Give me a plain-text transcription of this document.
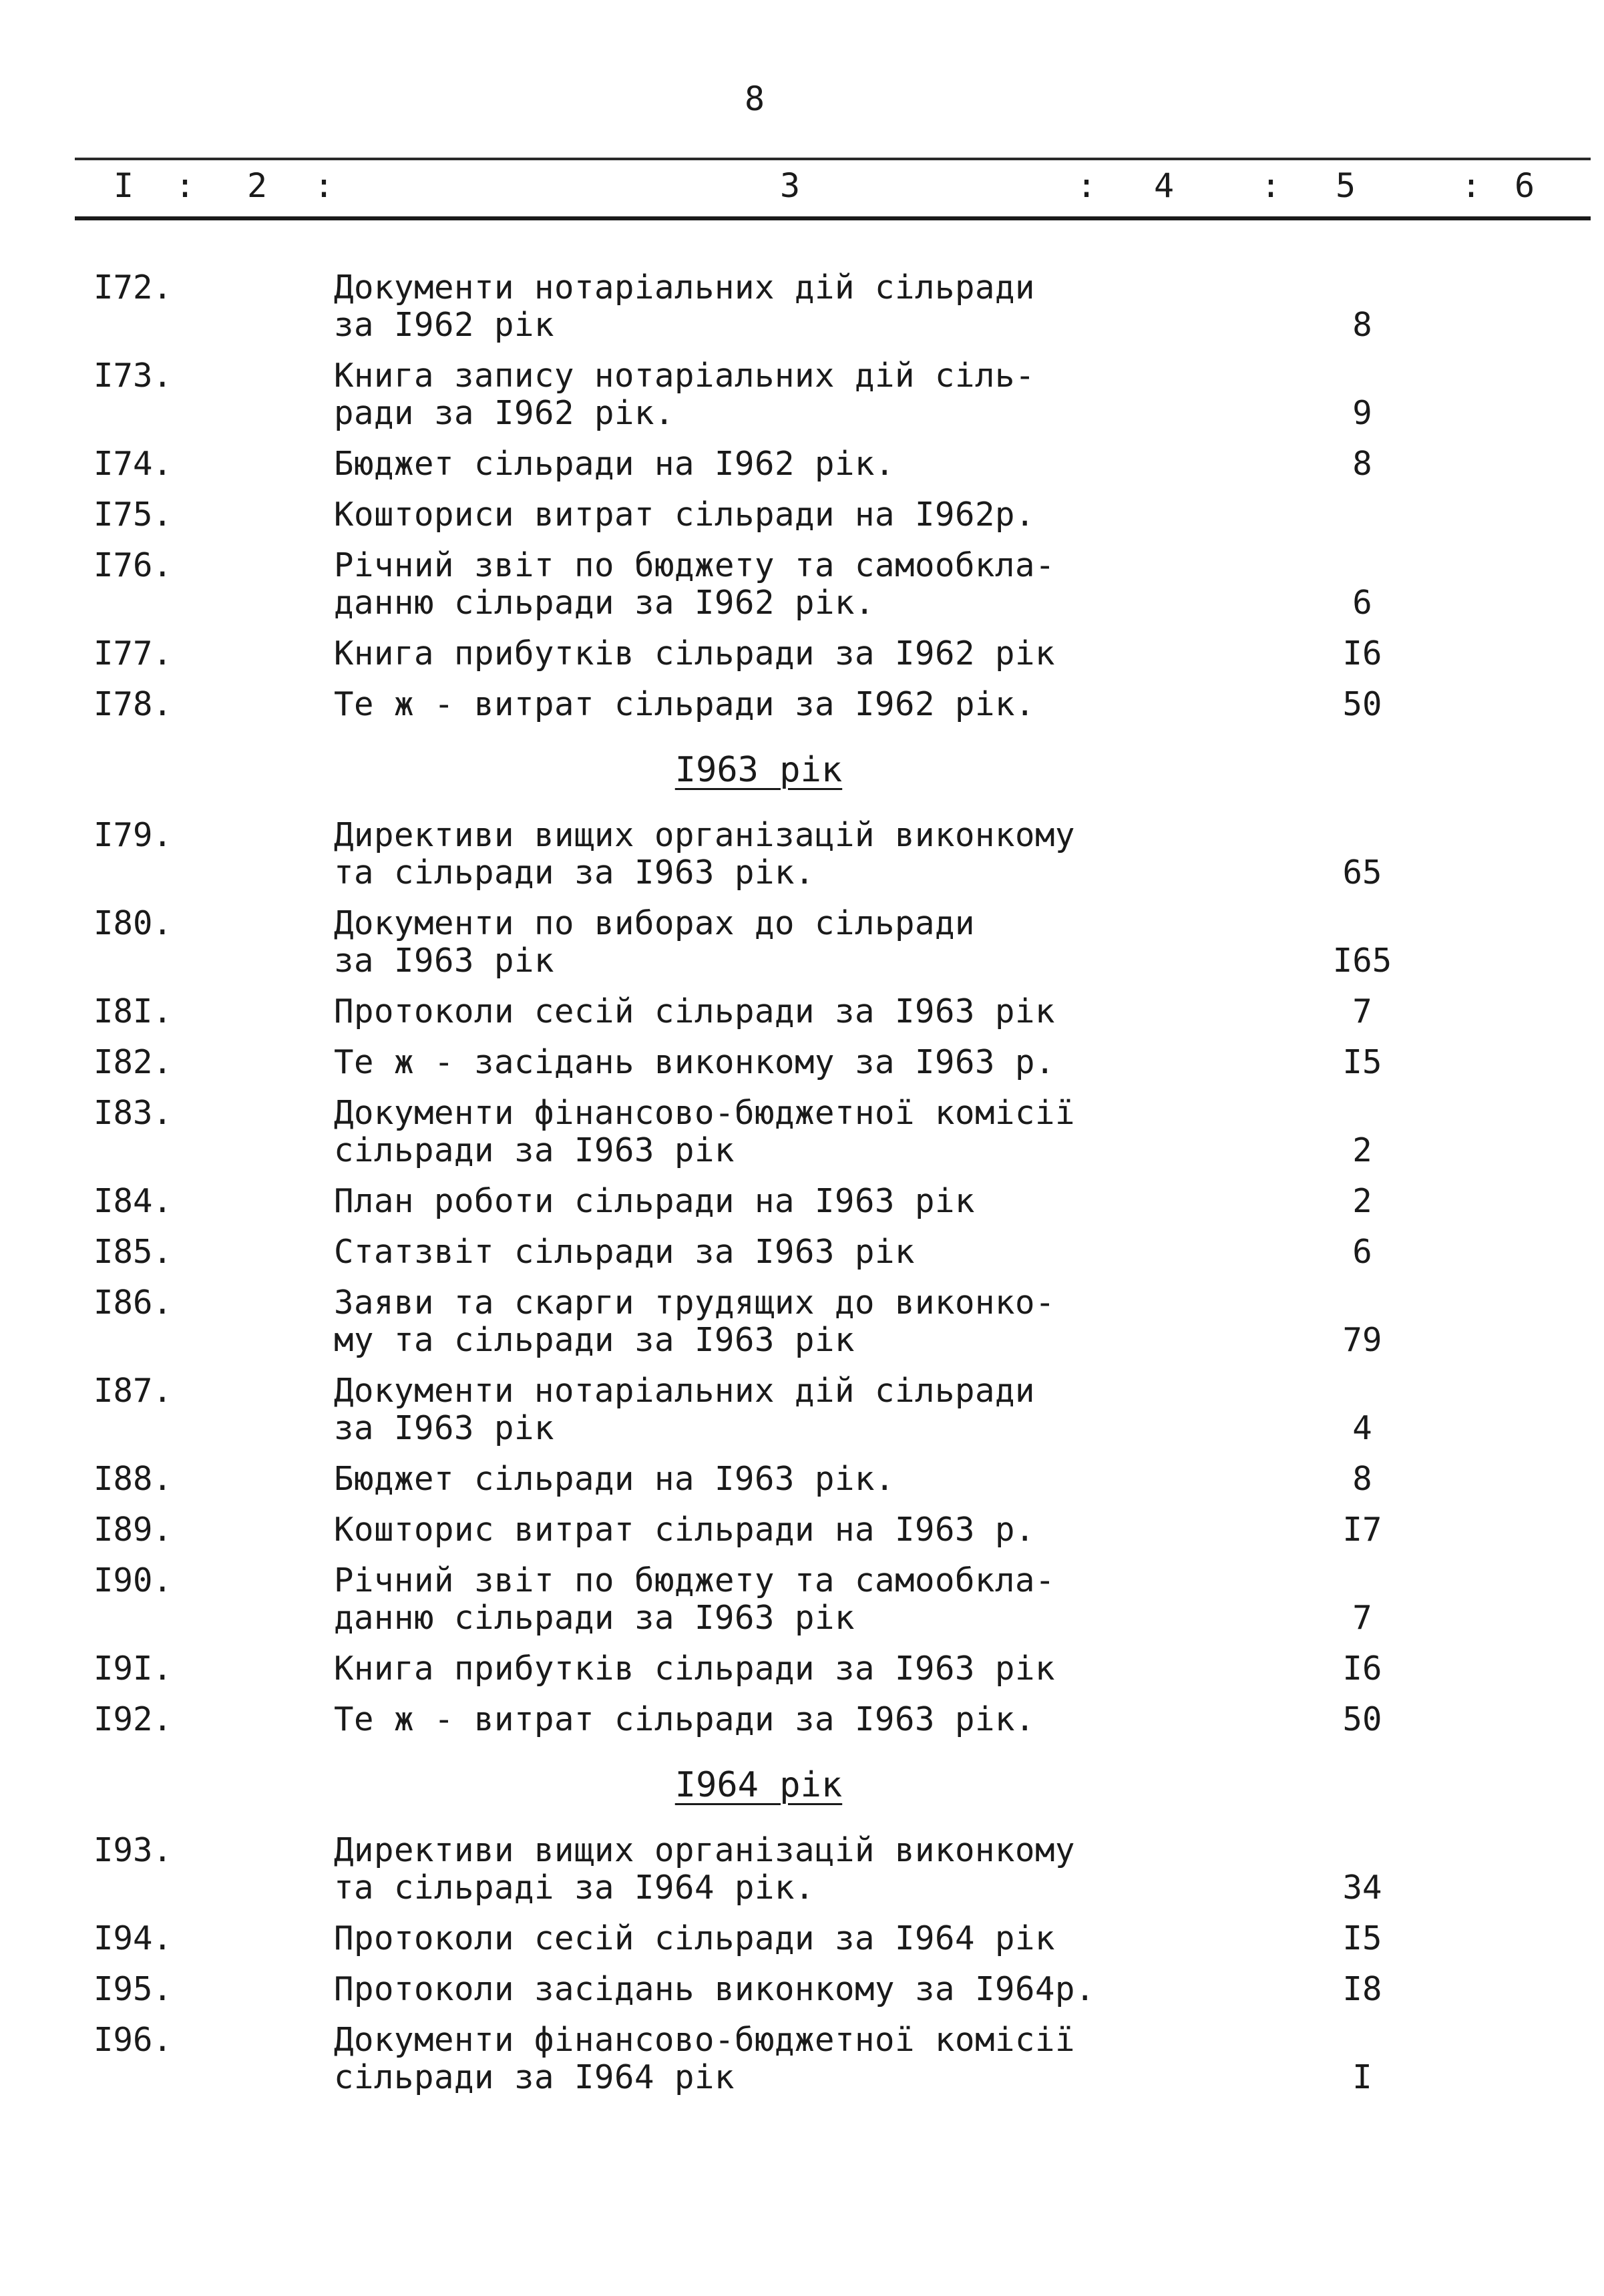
8
I : 2 :	3	: 4	: 5	: 6
I72.	Документи нотаріальних дій сільради
за I962 рік	8
I73.	Книга запису нотаріальних дій сіль-
ради за I962 рік.	9
I74.	Бюджет сільради на I962 рік.	8
I75.	Кошториси витрат сільради на I962р.
I76.	Річний звіт по бюджету та самообкла-
данню сільради за I962 рік.	6
I77.	Книга прибутків сільради за I962 рік	I6
I78.	Те ж - витрат сільради за I962 рік.	50
I963 рік
I79.	Директиви вищих організацій виконкому
та сільради за I963 рік.	65
I80.	Документи по виборах до сільради
за I963 рік	I65
I8I.	Протоколи сесій сільради за I963 рік	7
I82.	Те ж - засідань виконкому за I963 р.	I5
I83.	Документи фінансово-бюджетної комісії
сільради за I963 рік	2
I84.	План роботи сільради на I963 рік	2
I85.	Статзвіт сільради за I963 рік	6
I86.	Заяви та скарги трудящих до виконко-
му та сільради за I963 рік	79
I87.	Документи нотаріальних дій сільради
за I963 рік	4
I88.	Бюджет сільради на I963 рік.	8
I89.	Кошторис витрат сільради на I963 р.	I7
I90.	Річний звіт по бюджету та самообкла-
данню сільради за I963 рік	7
I9I.	Книга прибутків сільради за I963 рік	I6
I92.	Те ж - витрат сільради за I963 рік.	50
I964 рік
I93.	Директиви вищих організацій виконкому
та сільраді за I964 рік.	34
I94.	Протоколи сесій сільради за I964 рік	I5
I95.	Протоколи засідань виконкому за I964р.	I8
I96.	Документи фінансово-бюджетної комісії
сільради за I964 рік	I
